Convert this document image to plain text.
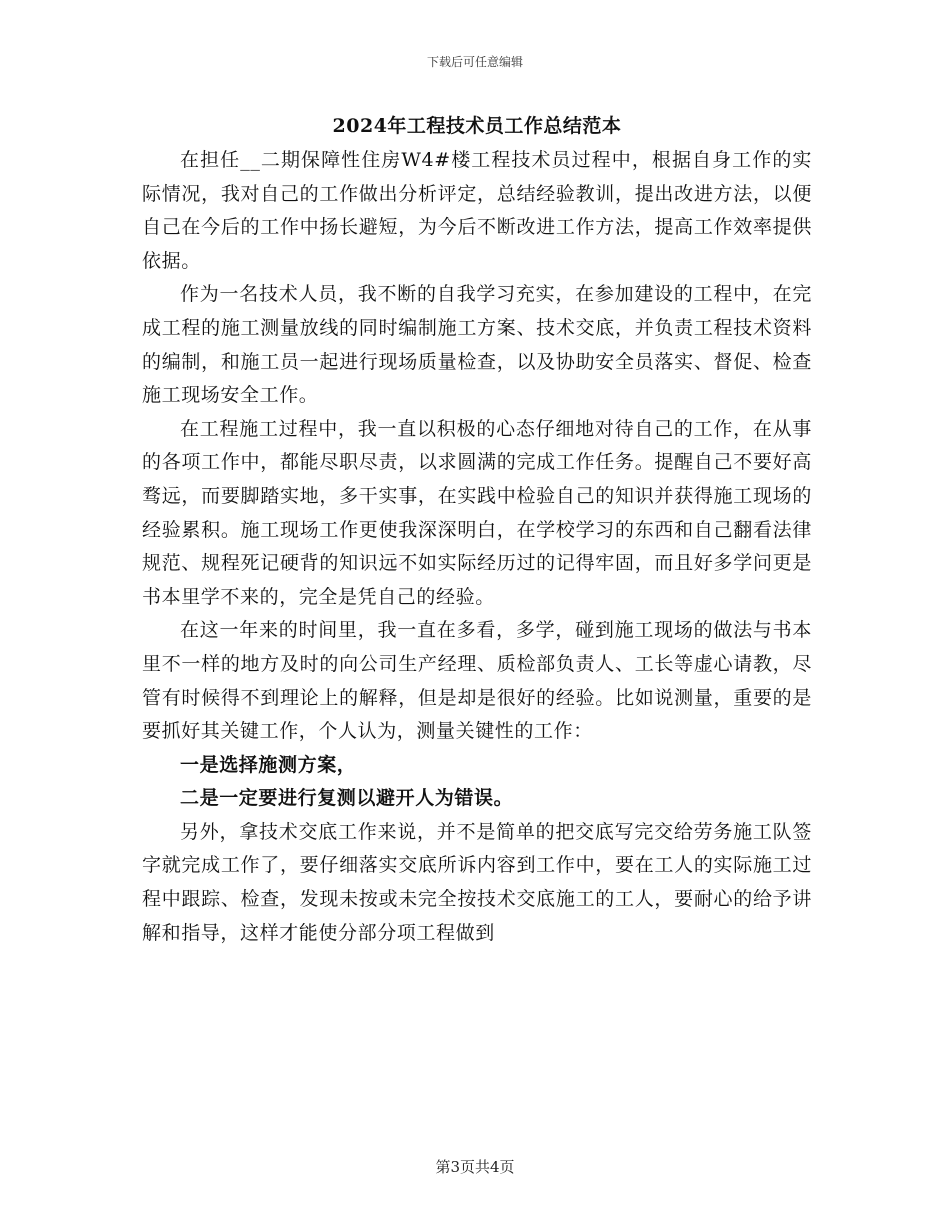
下载后可任意编辑
2024年工程技术员工作总结范本

在担任__二期保障性住房W4#楼工程技术员过程中，根据自身工作的实际情况，我对自己的工作做出分析评定，总结经验教训，提出改进方法，以便自己在今后的工作中扬长避短，为今后不断改进工作方法，提高工作效率提供依据。

作为一名技术人员，我不断的自我学习充实，在参加建设的工程中，在完成工程的施工测量放线的同时编制施工方案、技术交底，并负责工程技术资料的编制，和施工员一起进行现场质量检查，以及协助安全员落实、督促、检查施工现场安全工作。

在工程施工过程中，我一直以积极的心态仔细地对待自己的工作，在从事的各项工作中，都能尽职尽责，以求圆满的完成工作任务。提醒自己不要好高骛远，而要脚踏实地，多干实事，在实践中检验自己的知识并获得施工现场的经验累积。施工现场工作更使我深深明白，在学校学习的东西和自己翻看法律规范、规程死记硬背的知识远不如实际经历过的记得牢固，而且好多学问更是书本里学不来的，完全是凭自己的经验。

在这一年来的时间里，我一直在多看，多学，碰到施工现场的做法与书本里不一样的地方及时的向公司生产经理、质检部负责人、工长等虚心请教，尽管有时候得不到理论上的解释，但是却是很好的经验。比如说测量，重要的是要抓好其关键工作，个人认为，测量关键性的工作：

一是选择施测方案，

二是一定要进行复测以避开人为错误。

另外，拿技术交底工作来说，并不是简单的把交底写完交给劳务施工队签字就完成工作了，要仔细落实交底所诉内容到工作中，要在工人的实际施工过程中跟踪、检查，发现未按或未完全按技术交底施工的工人，要耐心的给予讲解和指导，这样才能使分部分项工程做到

第3页共4页
